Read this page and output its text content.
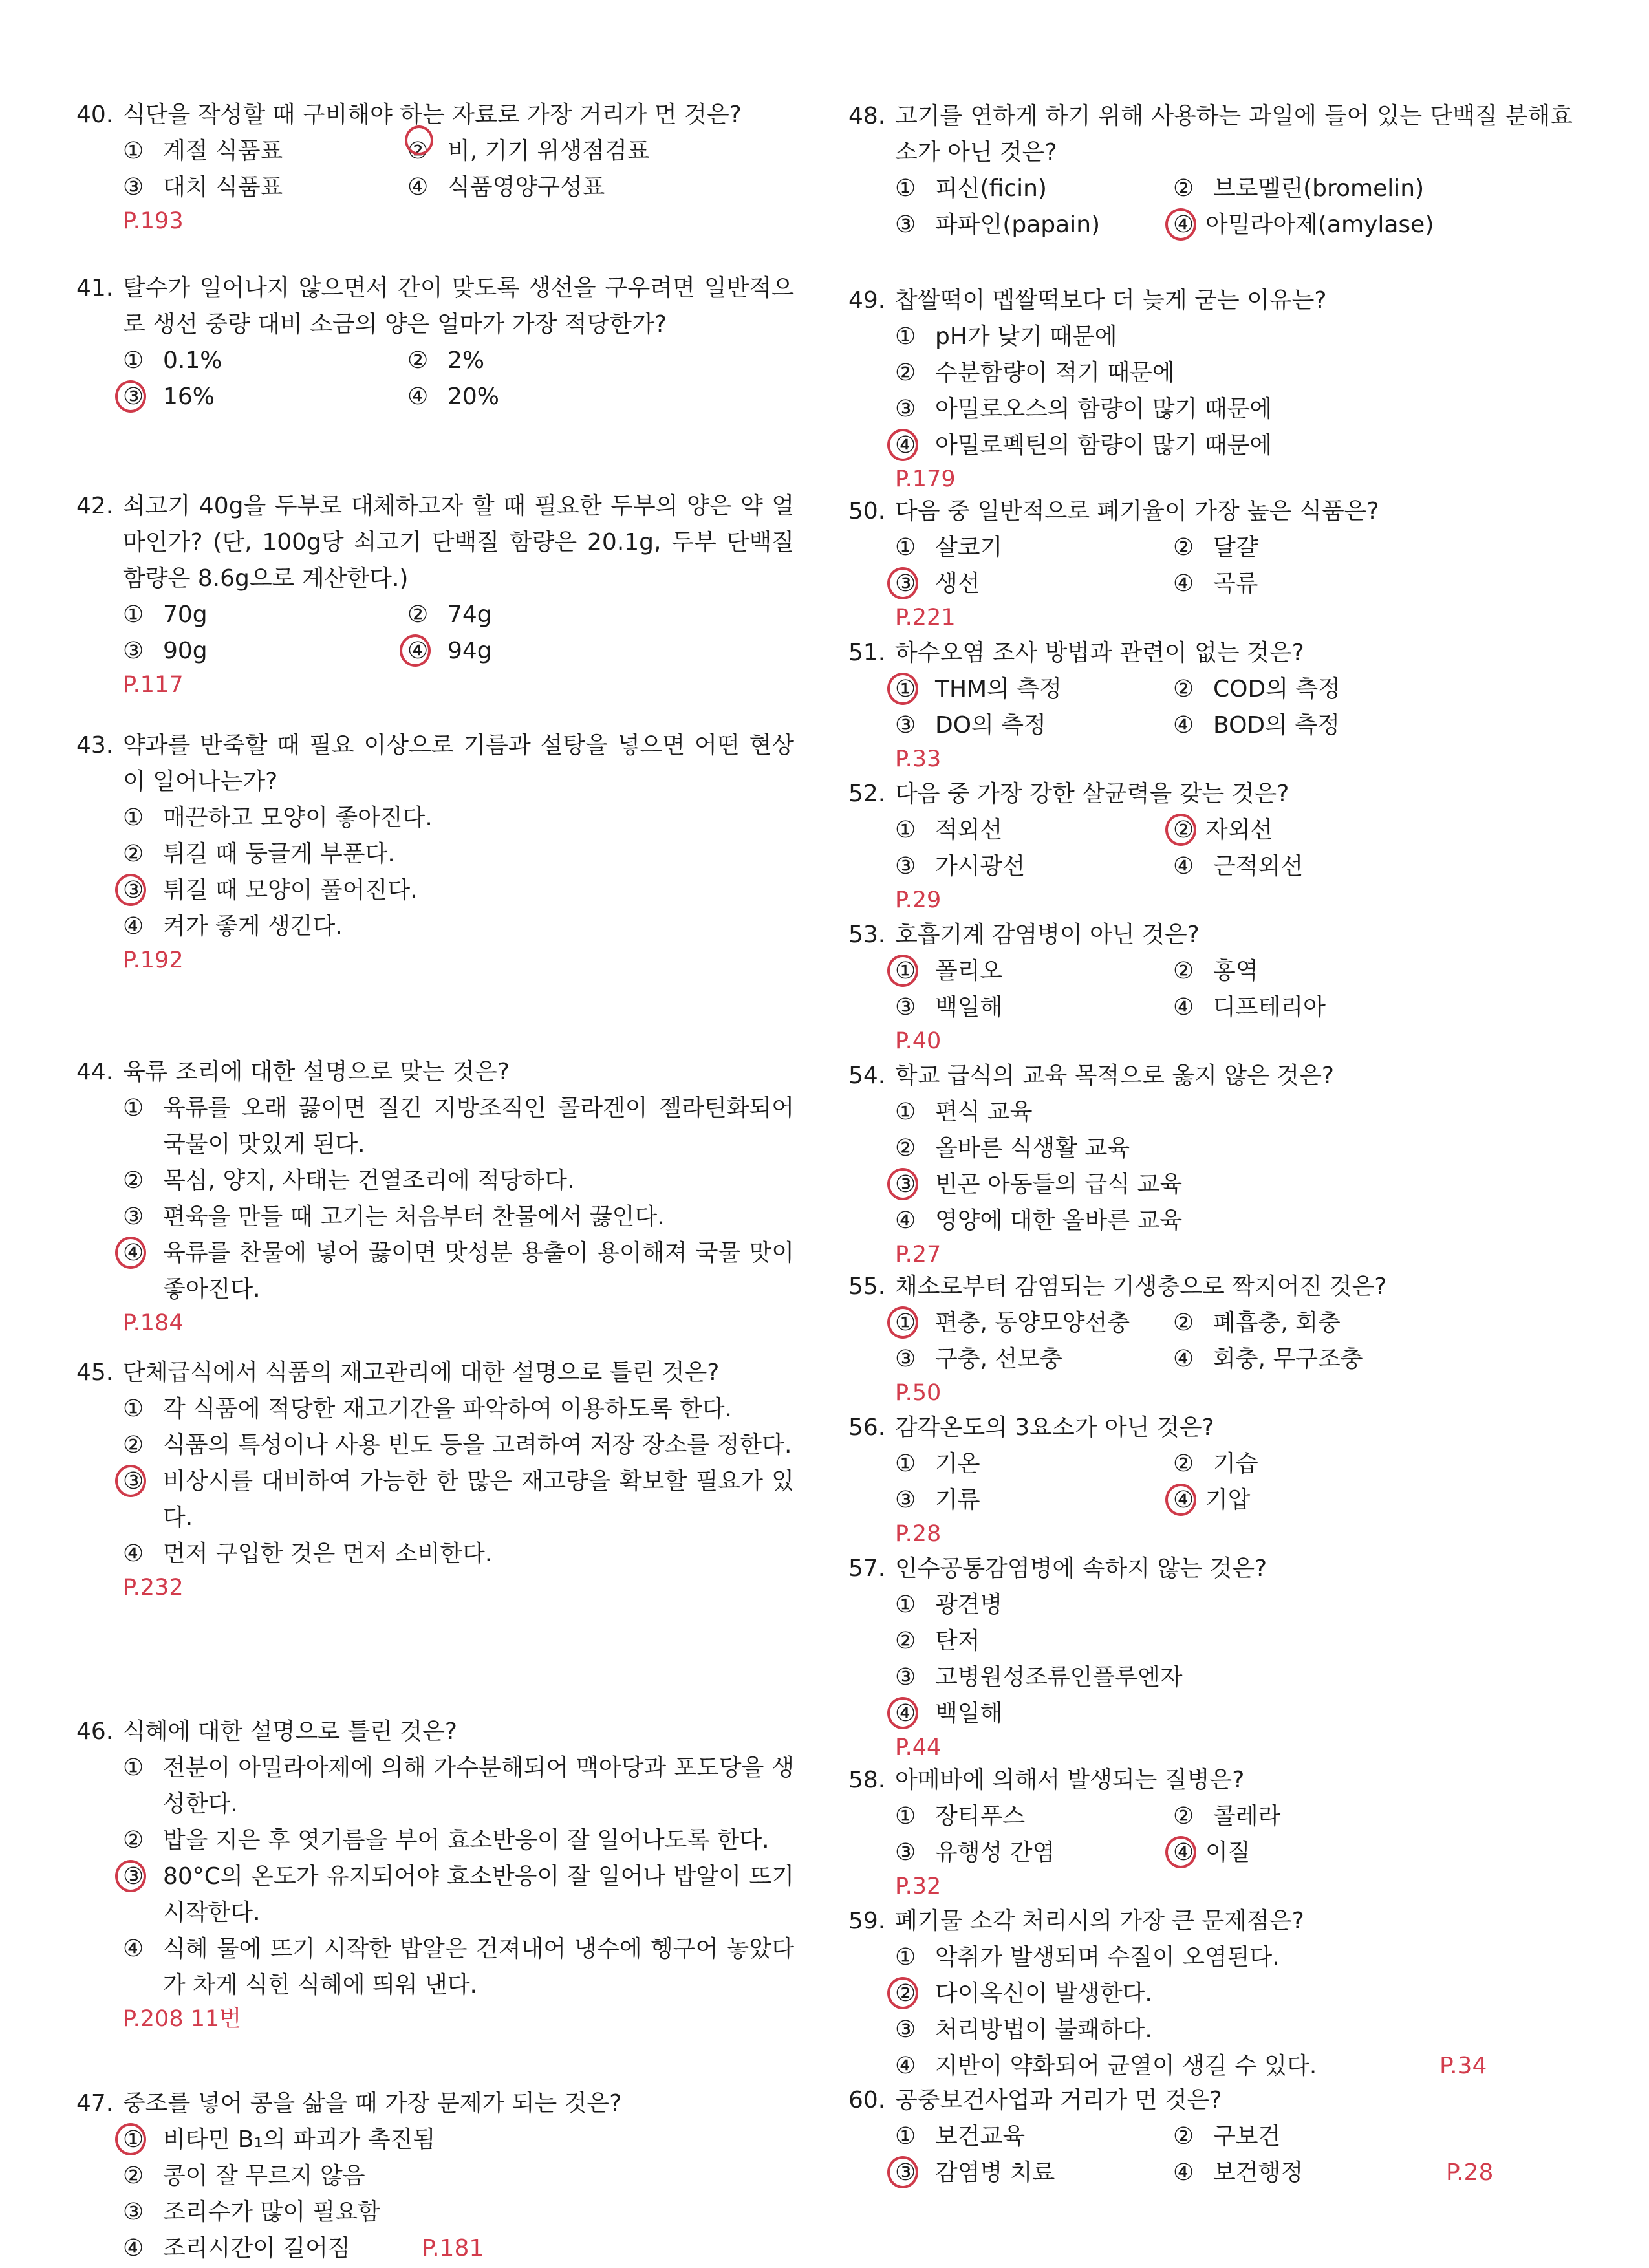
40. 식단을 작성할 때 구비해야 하는 자료로 가장 거리가 먼 것은?
① 계절 식품표	② 비, 기기 위생점검표
③ 대치 식품표	④ 식품영양구성표
P.193
41. 탈수가 일어나지 않으면서 간이 맞도록 생선을 구우려면 일반적으로 생선 중량 대비 소금의 양은 얼마가 가장 적당한가?
① 0.1%	② 2%
③ 16%	④ 20%
42. 쇠고기 40g을 두부로 대체하고자 할 때 필요한 두부의 양은 약 얼마인가? (단, 100g당 쇠고기 단백질 함량은 20.1g, 두부 단백질 함량은 8.6g으로 계산한다.)
① 70g	② 74g
③ 90g	④ 94g
P.117
43. 약과를 반죽할 때 필요 이상으로 기름과 설탕을 넣으면 어떤 현상이 일어나는가?
① 매끈하고 모양이 좋아진다.
② 튀길 때 둥글게 부푼다.
③ 튀길 때 모양이 풀어진다.
④ 켜가 좋게 생긴다.
P.192
44. 육류 조리에 대한 설명으로 맞는 것은?
① 육류를 오래 끓이면 질긴 지방조직인 콜라겐이 젤라틴화되어 국물이 맛있게 된다.
② 목심, 양지, 사태는 건열조리에 적당하다.
③ 편육을 만들 때 고기는 처음부터 찬물에서 끓인다.
④ 육류를 찬물에 넣어 끓이면 맛성분 용출이 용이해져 국물 맛이 좋아진다.
P.184
45. 단체급식에서 식품의 재고관리에 대한 설명으로 틀린 것은?
① 각 식품에 적당한 재고기간을 파악하여 이용하도록 한다.
② 식품의 특성이나 사용 빈도 등을 고려하여 저장 장소를 정한다.
③ 비상시를 대비하여 가능한 한 많은 재고량을 확보할 필요가 있다.
④ 먼저 구입한 것은 먼저 소비한다.
P.232
46. 식혜에 대한 설명으로 틀린 것은?
① 전분이 아밀라아제에 의해 가수분해되어 맥아당과 포도당을 생성한다.
② 밥을 지은 후 엿기름을 부어 효소반응이 잘 일어나도록 한다.
③ 80°C의 온도가 유지되어야 효소반응이 잘 일어나 밥알이 뜨기 시작한다.
④ 식혜 물에 뜨기 시작한 밥알은 건져내어 냉수에 헹구어 놓았다가 차게 식힌 식혜에 띄워 낸다.
P.208 11번
47. 중조를 넣어 콩을 삶을 때 가장 문제가 되는 것은?
① 비타민 B₁의 파괴가 촉진됨
② 콩이 잘 무르지 않음
③ 조리수가 많이 필요함
④ 조리시간이 길어짐	P.181
48. 고기를 연하게 하기 위해 사용하는 과일에 들어 있는 단백질 분해효소가 아닌 것은?
① 피신(ficin)	② 브로멜린(bromelin)
③ 파파인(papain)	④ 아밀라아제(amylase)
49. 찹쌀떡이 멥쌀떡보다 더 늦게 굳는 이유는?
① pH가 낮기 때문에
② 수분함량이 적기 때문에
③ 아밀로오스의 함량이 많기 때문에
④ 아밀로펙틴의 함량이 많기 때문에
P.179
50. 다음 중 일반적으로 폐기율이 가장 높은 식품은?
① 살코기	② 달걀
③ 생선	④ 곡류
P.221
51. 하수오염 조사 방법과 관련이 없는 것은?
① THM의 측정	② COD의 측정
③ DO의 측정	④ BOD의 측정
P.33
52. 다음 중 가장 강한 살균력을 갖는 것은?
① 적외선	② 자외선
③ 가시광선	④ 근적외선
P.29
53. 호흡기계 감염병이 아닌 것은?
① 폴리오	② 홍역
③ 백일해	④ 디프테리아
P.40
54. 학교 급식의 교육 목적으로 옳지 않은 것은?
① 편식 교육
② 올바른 식생활 교육
③ 빈곤 아동들의 급식 교육
④ 영양에 대한 올바른 교육
P.27
55. 채소로부터 감염되는 기생충으로 짝지어진 것은?
① 편충, 동양모양선충	② 폐흡충, 회충
③ 구충, 선모충	④ 회충, 무구조충
P.50
56. 감각온도의 3요소가 아닌 것은?
① 기온	② 기습
③ 기류	④ 기압
P.28
57. 인수공통감염병에 속하지 않는 것은?
① 광견병
② 탄저
③ 고병원성조류인플루엔자
④ 백일해
P.44
58. 아메바에 의해서 발생되는 질병은?
① 장티푸스	② 콜레라
③ 유행성 간염	④ 이질
P.32
59. 폐기물 소각 처리시의 가장 큰 문제점은?
① 악취가 발생되며 수질이 오염된다.
② 다이옥신이 발생한다.
③ 처리방법이 불쾌하다.
④ 지반이 약화되어 균열이 생길 수 있다.	P.34
60. 공중보건사업과 거리가 먼 것은?
① 보건교육	② 구보건
③ 감염병 치료	④ 보건행정	P.28
